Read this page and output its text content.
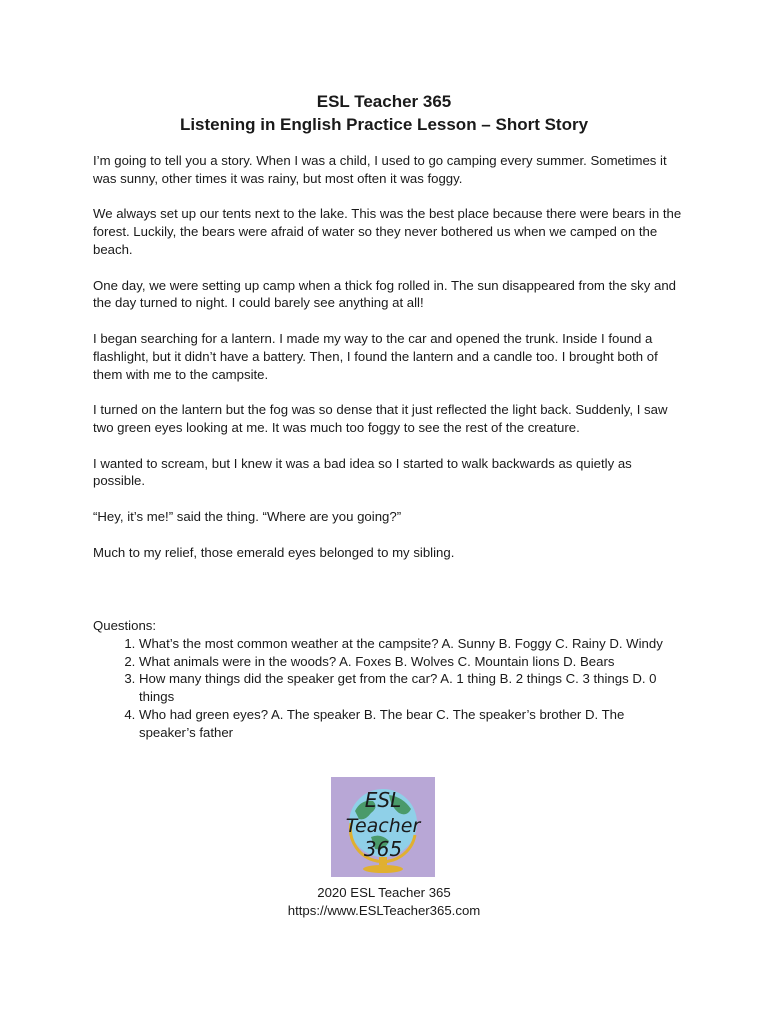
ESL Teacher 365
Listening in English Practice Lesson – Short Story

I’m going to tell you a story. When I was a child, I used to go camping every summer. Sometimes it was sunny, other times it was rainy, but most often it was foggy.

We always set up our tents next to the lake. This was the best place because there were bears in the forest. Luckily, the bears were afraid of water so they never bothered us when we camped on the beach.

One day, we were setting up camp when a thick fog rolled in. The sun disappeared from the sky and the day turned to night. I could barely see anything at all!

I began searching for a lantern. I made my way to the car and opened the trunk. Inside I found a flashlight, but it didn’t have a battery. Then, I found the lantern and a candle too. I brought both of them with me to the campsite.

I turned on the lantern but the fog was so dense that it just reflected the light back. Suddenly, I saw two green eyes looking at me. It was much too foggy to see the rest of the creature.

I wanted to scream, but I knew it was a bad idea so I started to walk backwards as quietly as possible.

“Hey, it’s me!” said the thing. “Where are you going?”

Much to my relief, those emerald eyes belonged to my sibling.

Questions:
1. What’s the most common weather at the campsite? A. Sunny B. Foggy C. Rainy D. Windy
2. What animals were in the woods? A. Foxes B. Wolves C. Mountain lions D. Bears
3. How many things did the speaker get from the car? A. 1 thing B. 2 things C. 3 things D. 0 things
4. Who had green eyes? A. The speaker B. The bear C. The speaker’s brother D. The speaker’s father
ESL
Teacher
365
2020 ESL Teacher 365
https://www.ESLTeacher365.com
